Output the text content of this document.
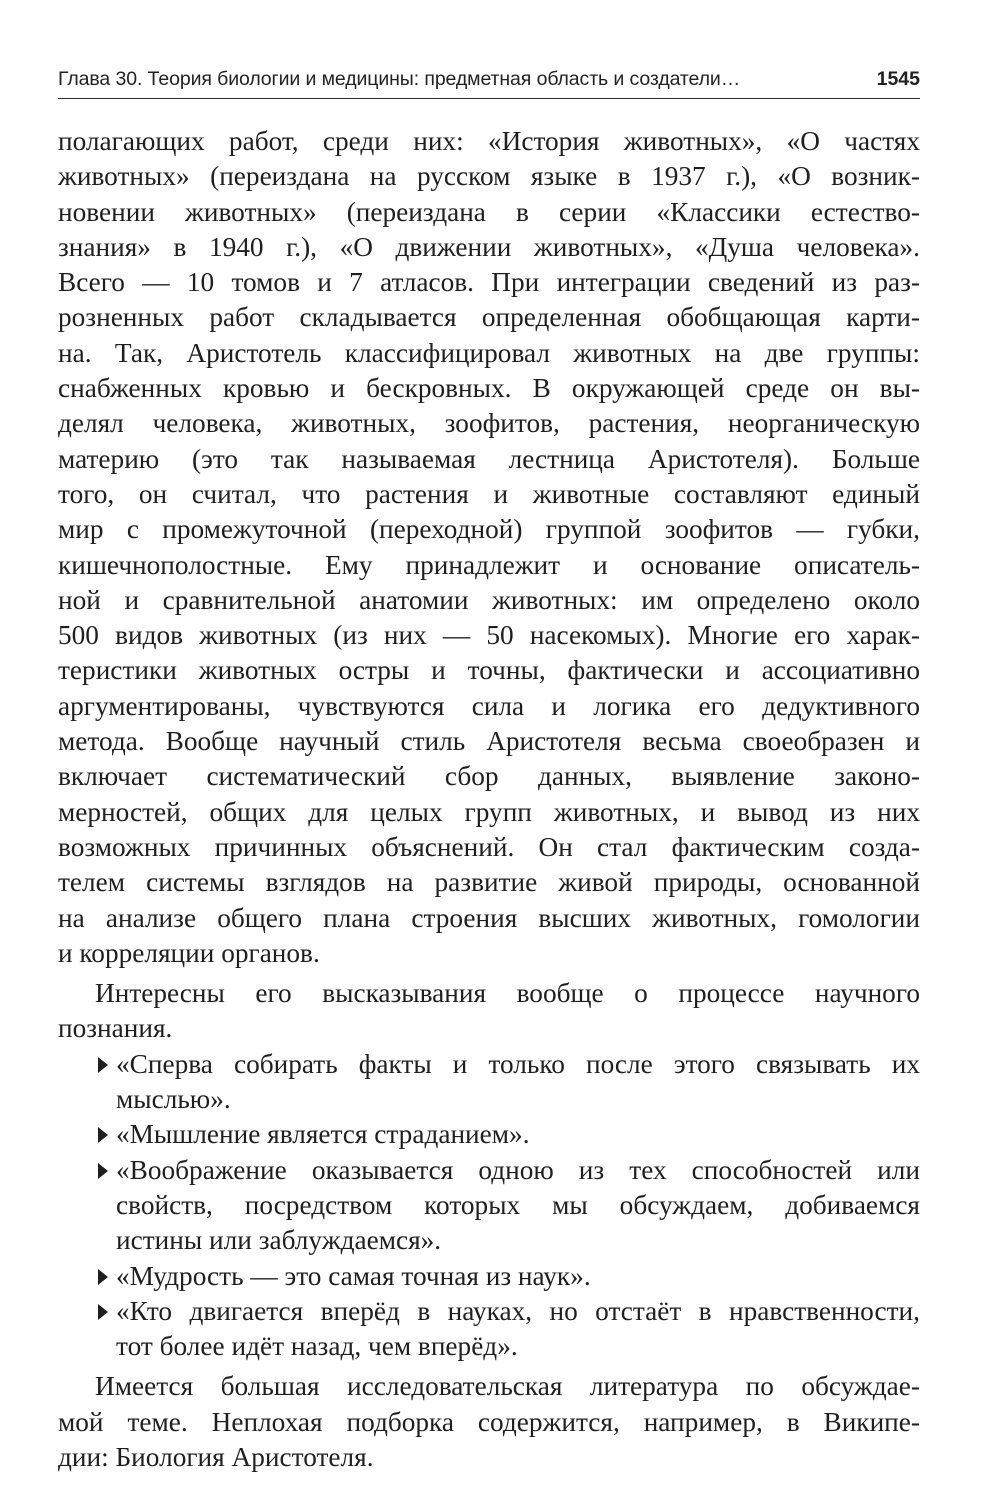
Глава 30. Теория биологии и медицины: предметная область и создатели…	1545
полагающих работ, среди них: «История животных», «О частях
животных» (переиздана на русском языке в 1937 г.), «О возник-
новении животных» (переиздана в серии «Классики естество-
знания» в 1940 г.), «О движении животных», «Душа человека».
Всего — 10 томов и 7 атласов. При интеграции сведений из раз-
розненных работ складывается определенная обобщающая карти-
на. Так, Аристотель классифицировал животных на две группы:
снабженных кровью и бескровных. В окружающей среде он вы-
делял человека, животных, зоофитов, растения, неорганическую
материю (это так называемая лестница Аристотеля). Больше
того, он считал, что растения и животные составляют единый
мир с промежуточной (переходной) группой зоофитов — губки,
кишечнополостные. Ему принадлежит и основание описатель-
ной и сравнительной анатомии животных: им определено около
500 видов животных (из них — 50 насекомых). Многие его харак-
теристики животных остры и точны, фактически и ассоциативно
аргументированы, чувствуются сила и логика его дедуктивного
метода. Вообще научный стиль Аристотеля весьма своеобразен и
включает систематический сбор данных, выявление законо-
мерностей, общих для целых групп животных, и вывод из них
возможных причинных объяснений. Он стал фактическим созда-
телем системы взглядов на развитие живой природы, основанной
на анализе общего плана строения высших животных, гомологии
и корреляции органов.
Интересны его высказывания вообще о процессе научного
познания.
«Сперва собирать факты и только после этого связывать их
мыслью».
«Мышление является страданием».
«Воображение оказывается одною из тех способностей или
свойств, посредством которых мы обсуждаем, добиваемся
истины или заблуждаемся».
«Мудрость — это самая точная из наук».
«Кто двигается вперёд в науках, но отстаёт в нравственности,
тот более идёт назад, чем вперёд».
Имеется большая исследовательская литература по обсуждае-
мой теме. Неплохая подборка содержится, например, в Википе-
дии: Биология Аристотеля.
